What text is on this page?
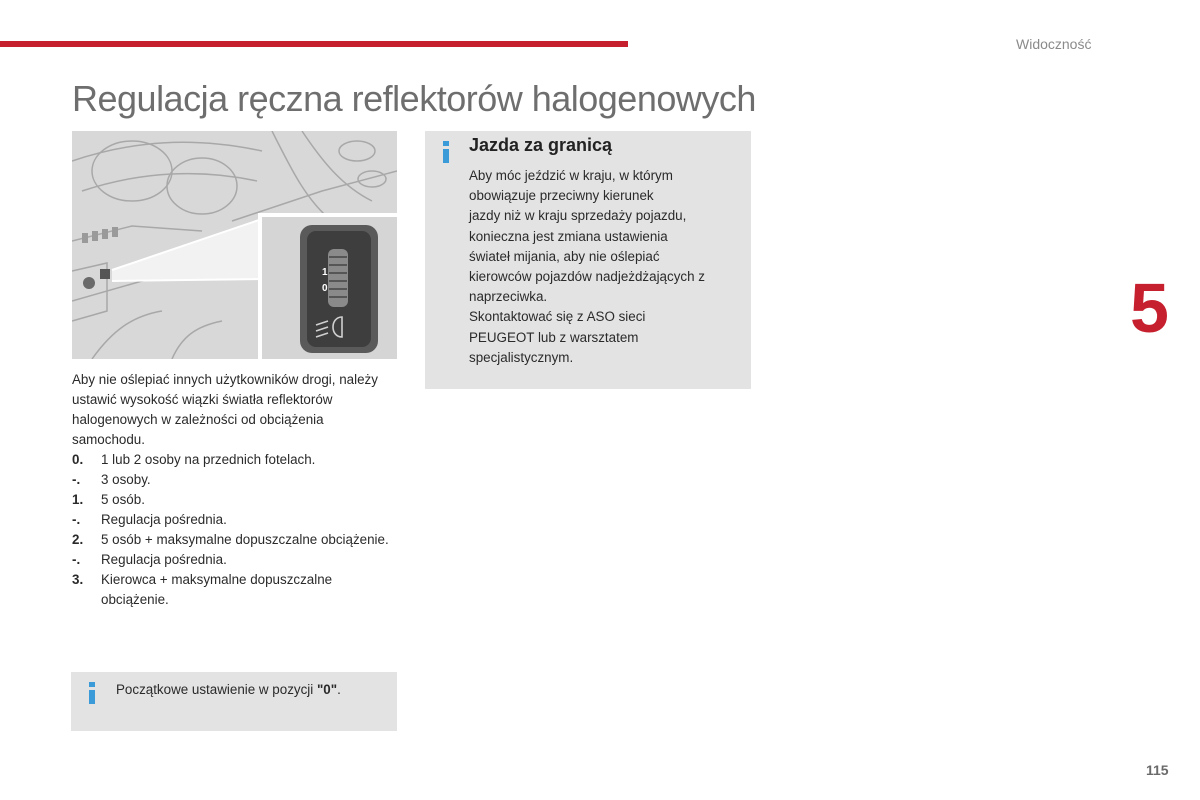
Widoczność
Regulacja ręczna reflektorów halogenowych
1
0

Aby nie oślepiać innych użytkowników drogi, należy ustawić wysokość wiązki światła reflektorów halogenowych w zależności od obciążenia samochodu.

0. 1 lub 2 osoby na przednich fotelach.
-. 3 osoby.
1. 5 osób.
-. Regulacja pośrednia.
2. 5 osób + maksymalne dopuszczalne obciążenie.
-. Regulacja pośrednia.
3. Kierowca + maksymalne dopuszczalne obciążenie.
Początkowe ustawienie w pozycji "0".
Jazda za granicą
Aby móc jeździć w kraju, w którym
obowiązuje przeciwny kierunek
jazdy niż w kraju sprzedaży pojazdu,
konieczna jest zmiana ustawienia
świateł mijania, aby nie oślepiać
kierowców pojazdów nadjeżdżających z
naprzeciwka.
Skontaktować się z ASO sieci
PEUGEOT lub z warsztatem
specjalistycznym.
5
115
